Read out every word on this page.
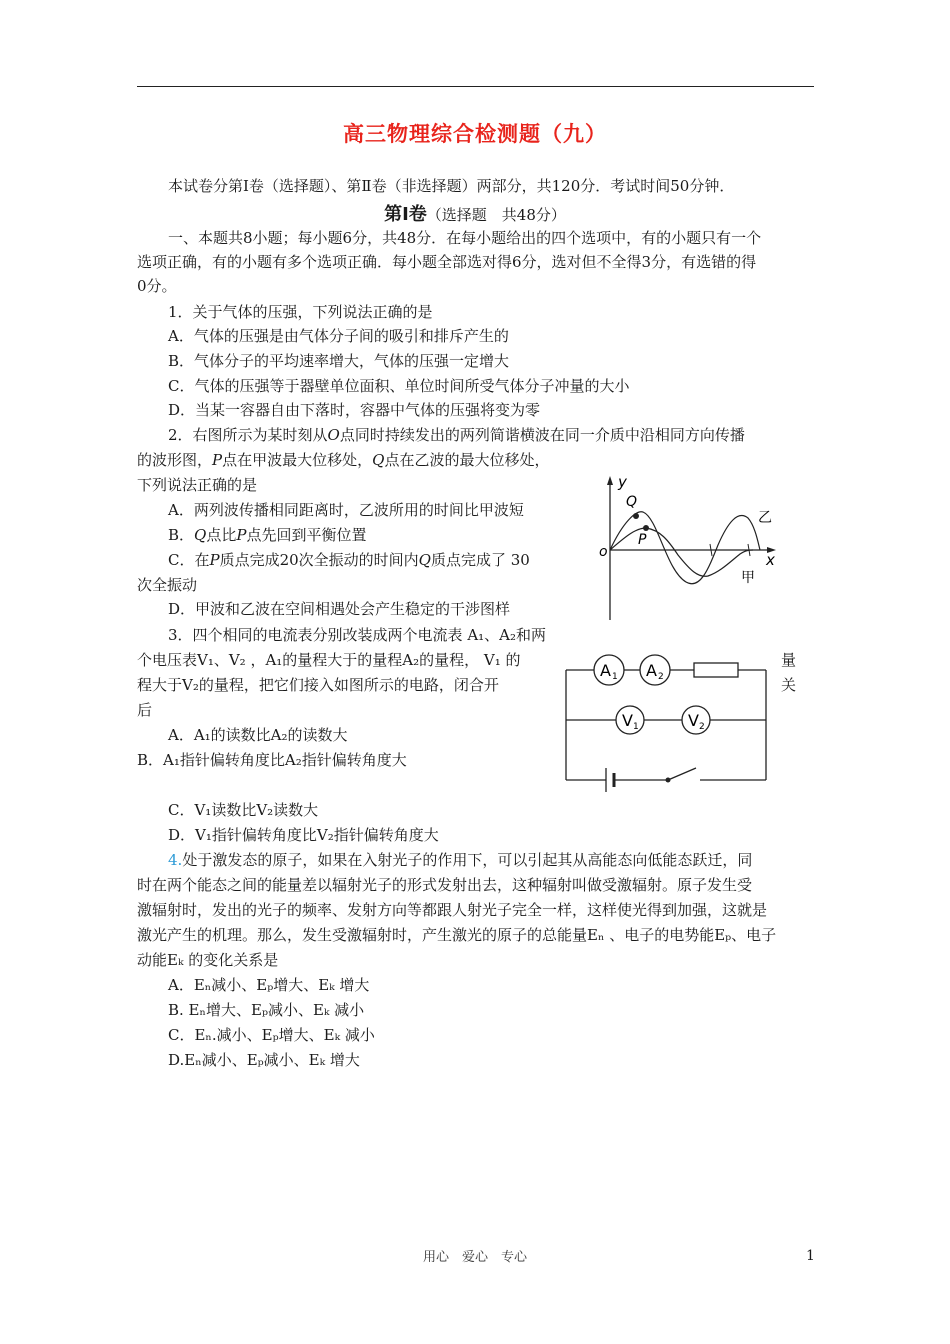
高三物理综合检测题（九）
本试卷分第Ⅰ卷（选择题）、第Ⅱ卷（非选择题）两部分，共120分．考试时间50分钟．
第Ⅰ卷（选择题　共48分）
一、本题共8小题；每小题6分，共48分．在每小题给出的四个选项中，有的小题只有一个
选项正确，有的小题有多个选项正确．每小题全部选对得6分，选对但不全得3分，有选错的得
0分。
1．关于气体的压强，下列说法正确的是
A．气体的压强是由气体分子间的吸引和排斥产生的
B．气体分子的平均速率增大，气体的压强一定增大
C．气体的压强等于器壁单位面积、单位时间所受气体分子冲量的大小
D．当某一容器自由下落时，容器中气体的压强将变为零
2．右图所示为某时刻从O点同时持续发出的两列简谐横波在同一介质中沿相同方向传播
的波形图，P点在甲波最大位移处，Q点在乙波的最大位移处，
下列说法正确的是
A．两列波传播相同距离时，乙波所用的时间比甲波短
B．Q点比P点先回到平衡位置
C．在P质点完成20次全振动的时间内Q质点完成了 30
次全振动
D．甲波和乙波在空间相遇处会产生稳定的干涉图样
y
x
o
Q
P
乙
甲
3．四个相同的电流表分别改装成两个电流表 A₁、A₂和两
个电压表V₁、V₂ ，A₁的量程大于的量程A₂的量程， V₁ 的	量
程大于V₂的量程，把它们接入如图所示的电路，闭合开	关
后
A．A₁的读数比A₂的读数大
B．A₁指针偏转角度比A₂指针偏转角度大
C．V₁读数比V₂读数大
D．V₁指针偏转角度比V₂指针偏转角度大
A 1 A 2
V 1	V 2
4.处于激发态的原子，如果在入射光子的作用下，可以引起其从高能态向低能态跃迁，同
时在两个能态之间的能量差以辐射光子的形式发射出去，这种辐射叫做受激辐射。原子发生受
激辐射时，发出的光子的频率、发射方向等都跟人射光子完全一样，这样使光得到加强，这就是
激光产生的机理。那么，发生受激辐射时，产生激光的原子的总能量Eₙ 、电子的电势能Eₚ、电子
动能Eₖ 的变化关系是
A．Eₙ减小、Eₚ增大、Eₖ 增大
B. Eₙ增大、Eₚ减小、Eₖ 减小
C．Eₙ.减小、Eₚ增大、Eₖ 减小
D.Eₙ减小、Eₚ减小、Eₖ 增大
用心　爱心　专心	1
